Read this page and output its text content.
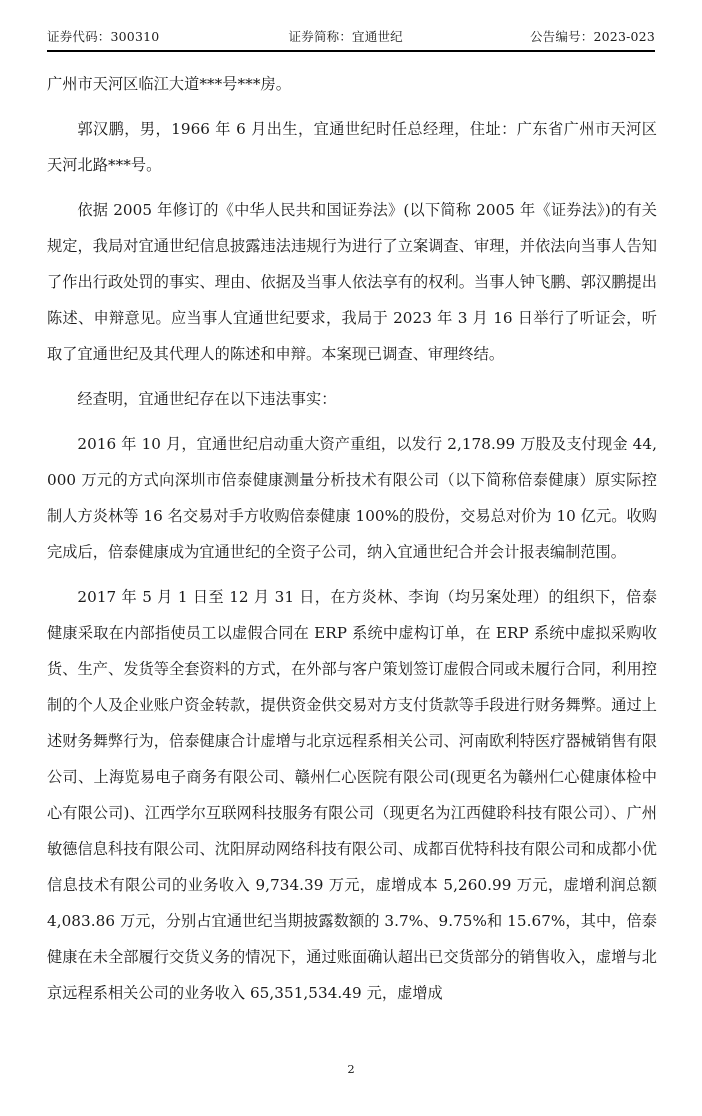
证券代码：300310	证券简称：宜通世纪	公告编号：2023-023

广州市天河区临江大道***号***房。

郭汉鹏，男，1966 年 6 月出生，宜通世纪时任总经理，住址：广东省广州市天河区天河北路***号。

依据 2005 年修订的《中华人民共和国证券法》(以下简称 2005 年《证券法》)的有关规定，我局对宜通世纪信息披露违法违规行为进行了立案调查、审理，并依法向当事人告知了作出行政处罚的事实、理由、依据及当事人依法享有的权利。当事人钟飞鹏、郭汉鹏提出陈述、申辩意见。应当事人宜通世纪要求，我局于 2023 年 3 月 16 日举行了听证会，听取了宜通世纪及其代理人的陈述和申辩。本案现已调查、审理终结。

经查明，宜通世纪存在以下违法事实：

2016 年 10 月，宜通世纪启动重大资产重组，以发行 2,178.99 万股及支付现金 44,000 万元的方式向深圳市倍泰健康测量分析技术有限公司（以下简称倍泰健康）原实际控制人方炎林等 16 名交易对手方收购倍泰健康 100%的股份，交易总对价为 10 亿元。收购完成后，倍泰健康成为宜通世纪的全资子公司，纳入宜通世纪合并会计报表编制范围。

2017 年 5 月 1 日至 12 月 31 日，在方炎林、李询（均另案处理）的组织下，倍泰健康采取在内部指使员工以虚假合同在 ERP 系统中虚构订单，在 ERP 系统中虚拟采购收货、生产、发货等全套资料的方式，在外部与客户策划签订虚假合同或未履行合同，利用控制的个人及企业账户资金转款，提供资金供交易对方支付货款等手段进行财务舞弊。通过上述财务舞弊行为，倍泰健康合计虚增与北京远程系相关公司、河南欧利特医疗器械销售有限公司、上海览易电子商务有限公司、赣州仁心医院有限公司(现更名为赣州仁心健康体检中心有限公司)、江西学尔互联网科技服务有限公司（现更名为江西健聆科技有限公司）、广州敏德信息科技有限公司、沈阳屏动网络科技有限公司、成都百优特科技有限公司和成都小优信息技术有限公司的业务收入 9,734.39 万元，虚增成本 5,260.99 万元，虚增利润总额 4,083.86 万元，分别占宜通世纪当期披露数额的 3.7%、9.75%和 15.67%，其中，倍泰健康在未全部履行交货义务的情况下，通过账面确认超出已交货部分的销售收入，虚增与北京远程系相关公司的业务收入 65,351,534.49 元，虚增成

2
